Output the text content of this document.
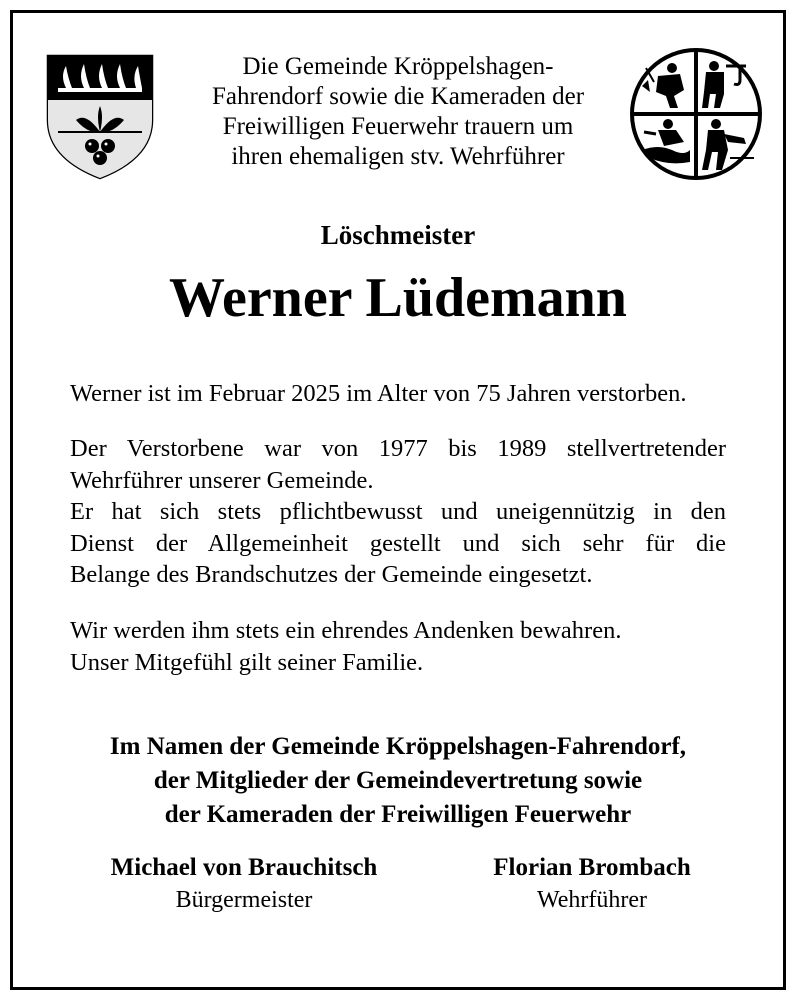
Die Gemeinde Kröppelshagen-
Fahrendorf sowie die Kameraden der
Freiwilligen Feuerwehr trauern um
ihren ehemaligen stv. Wehrführer
Löschmeister
Werner Lüdemann
Werner ist im Februar 2025 im Alter von 75 Jahren verstorben.
Der Verstorbene war von 1977 bis 1989 stellvertretender
Wehrführer unserer Gemeinde.
Er hat sich stets pflichtbewusst und uneigennützig in den
Dienst der Allgemeinheit gestellt und sich sehr für die
Belange des Brandschutzes der Gemeinde eingesetzt.
Wir werden ihm stets ein ehrendes Andenken bewahren.
Unser Mitgefühl gilt seiner Familie.
Im Namen der Gemeinde Kröppelshagen-Fahrendorf,
der Mitglieder der Gemeindevertretung sowie
der Kameraden der Freiwilligen Feuerwehr
Michael von Brauchitsch
Bürgermeister
Florian Brombach
Wehrführer
